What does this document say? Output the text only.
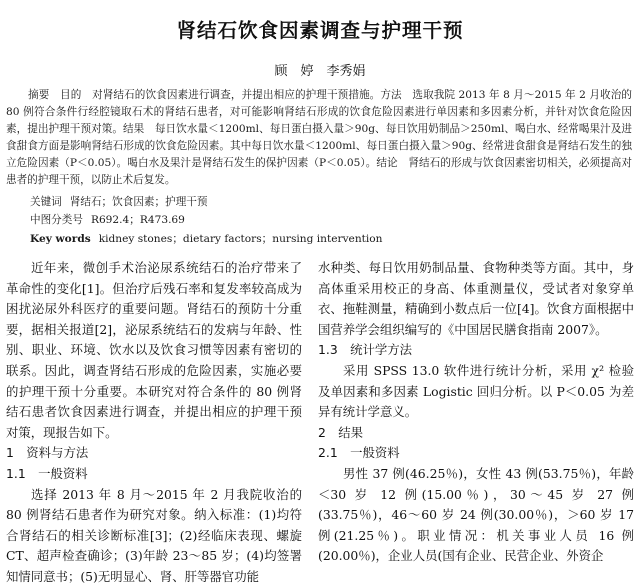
肾结石饮食因素调查与护理干预
顾　婷　李秀娟

摘要　目的　 对肾结石的饮食因素进行调查，并提出相应的护理干预措施。方法　选取我院 2013 年 8 月～2015 年 2 月收治的 80 例符合条件行经腔镜取石术的肾结石患者，对可能影响肾结石形成的饮食危险因素进行单因素和多因素分析，并针对饮食危险因素，提出护理干预对策。结果　每日饮水量＜1200ml、每日蛋白摄入量＞90g、每日饮用奶制品＞250ml、喝白水、经常喝果汁及进食甜食方面是影响肾结石形成的饮食危险因素。其中每日饮水量＜1200ml、每日蛋白摄入量＞90g、经常进食甜食是肾结石发生的独立危险因素（P＜0.05）。喝白水及果汁是肾结石发生的保护因素（P＜0.05）。结论　肾结石的形成与饮食因素密切相关，必须提高对患者的护理干预，以防止术后复发。

关键词 肾结石；饮食因素；护理干预
中图分类号 R692.4；R473.69
Key words kidney stones；dietary factors；nursing intervention

近年来，微创手术治泌尿系统结石的治疗带来了革命性的变化[1]。但治疗后残石率和复发率较高成为困扰泌尿外科医疗的重要问题。肾结石的预防十分重要，据相关报道[2]，泌尿系统结石的发病与年龄、性别、职业、环境、饮水以及饮食习惯等因素有密切的联系。因此，调查肾结石形成的危险因素，实施必要的护理干预十分重要。本研究对符合条件的 80 例肾结石患者饮食因素进行调查，并提出相应的护理干预对策，现报告如下。

1　资料与方法
1.1　一般资料

选择 2013 年 8 月～2015 年 2 月我院收治的 80 例肾结石患者作为研究对象。纳入标准：(1)均符合肾结石的相关诊断标准[3]；(2)经临床表现、螺旋 CT、超声检查确诊；(3)年龄 23～85 岁；(4)均签署知情同意书；(5)无明显心、肾、肝等器官功能

水种类、每日饮用奶制品量、食物种类等方面。其中，身高体重采用校正的身高、体重测量仪，受试者对象穿单衣、拖鞋测量，精确到小数点后一位[4]。饮食方面根据中国营养学会组织编写的《中国居民膳食指南 2007》。

1.3　统计学方法

采用 SPSS 13.0 软件进行统计分析，采用 χ² 检验及单因素和多因素 Logistic 回归分析。以 P＜0.05 为差异有统计学意义。

2　结果
2.1　一般资料

男性 37 例(46.25％)，女性 43 例(53.75％)，年龄＜30 岁 12 例(15.00％)，30～45 岁 27 例(33.75％)，46～60 岁 24 例(30.00％)，＞60 岁 17 例(21.25％)。职业情况：机关事业人员 16 例(20.00％)，企业人员(国有企业、民营企业、外资企
